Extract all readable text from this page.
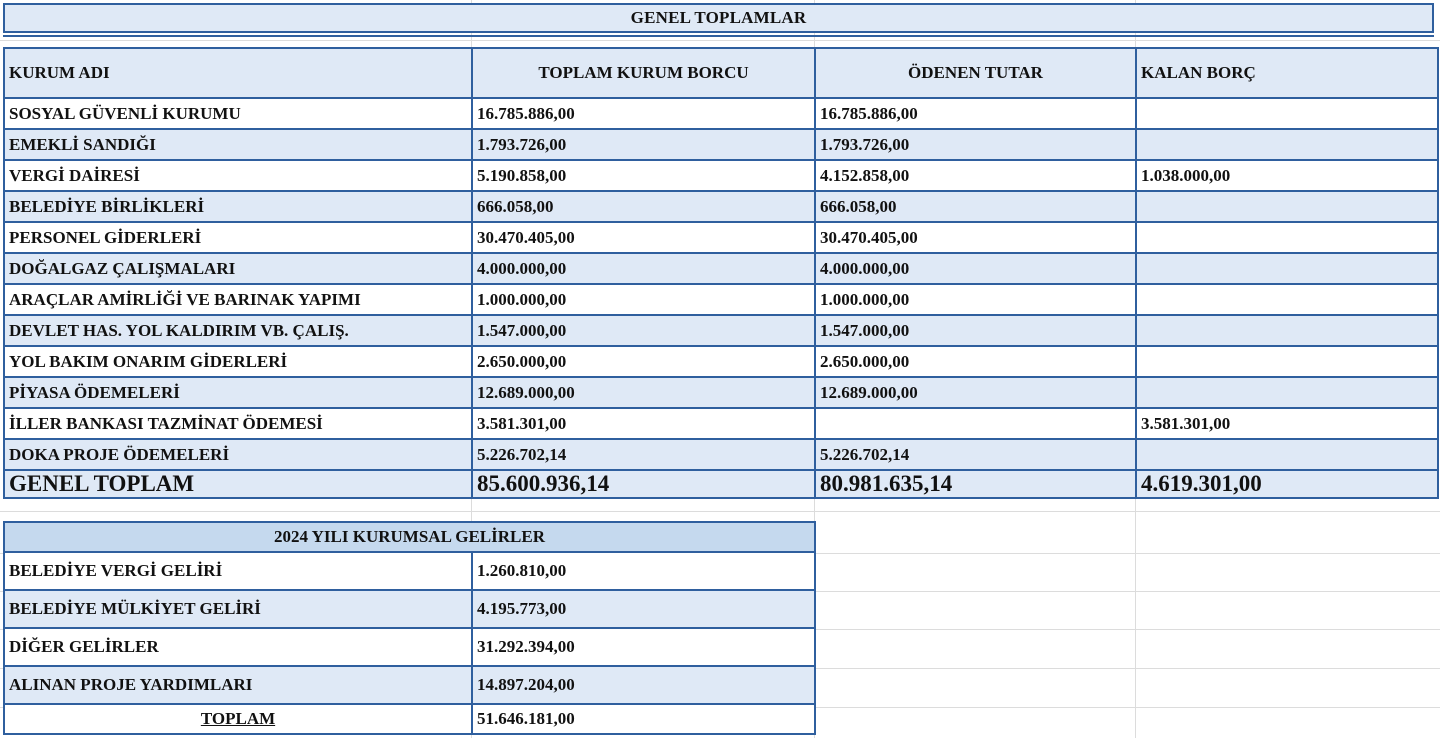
GENEL TOPLAMLAR
KURUM ADI	TOPLAM KURUM BORCU	ÖDENEN TUTAR	KALAN BORÇ
SOSYAL GÜVENLİ KURUMU	16.785.886,00	16.785.886,00	
EMEKLİ SANDIĞI	1.793.726,00	1.793.726,00	
VERGİ DAİRESİ	5.190.858,00	4.152.858,00	1.038.000,00
BELEDİYE BİRLİKLERİ	666.058,00	666.058,00	
PERSONEL GİDERLERİ	30.470.405,00	30.470.405,00	
DOĞALGAZ ÇALIŞMALARI	4.000.000,00	4.000.000,00	
ARAÇLAR AMİRLİĞİ VE BARINAK YAPIMI	1.000.000,00	1.000.000,00	
DEVLET HAS. YOL KALDIRIM VB. ÇALIŞ.	1.547.000,00	1.547.000,00	
YOL BAKIM ONARIM GİDERLERİ	2.650.000,00	2.650.000,00	
PİYASA ÖDEMELERİ	12.689.000,00	12.689.000,00	
İLLER BANKASI TAZMİNAT ÖDEMESİ	3.581.301,00		3.581.301,00
DOKA PROJE ÖDEMELERİ	5.226.702,14	5.226.702,14	
GENEL TOPLAM	85.600.936,14	80.981.635,14	4.619.301,00
2024 YILI KURUMSAL GELİRLER	
BELEDİYE VERGİ GELİRİ	1.260.810,00
BELEDİYE MÜLKİYET GELİRİ	4.195.773,00
DİĞER GELİRLER	31.292.394,00
ALINAN PROJE YARDIMLARI	14.897.204,00
TOPLAM	51.646.181,00
